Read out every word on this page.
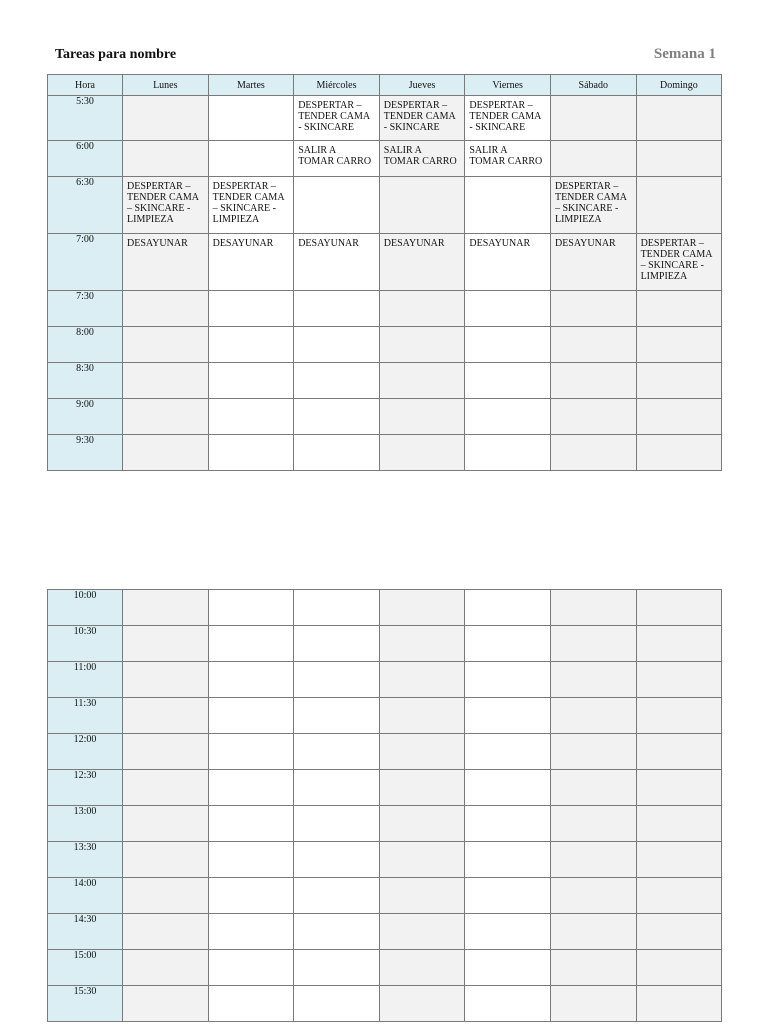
Tareas para nombre	Semana 1
Hora	Lunes	Martes	Miércoles	Jueves	Viernes	Sábado	Domingo
5:30			DESPERTAR –
TENDER CAMA
- SKINCARE	DESPERTAR –
TENDER CAMA
- SKINCARE	DESPERTAR –
TENDER CAMA
- SKINCARE		

6:00			SALIR A
TOMAR CARRO	SALIR A
TOMAR CARRO	SALIR A
TOMAR CARRO		

6:30	DESPERTAR –
TENDER CAMA
– SKINCARE -
LIMPIEZA	DESPERTAR –
TENDER CAMA
– SKINCARE -
LIMPIEZA				DESPERTAR –
TENDER CAMA
– SKINCARE -
LIMPIEZA	

7:00	DESAYUNAR	DESAYUNAR	DESAYUNAR	DESAYUNAR	DESAYUNAR	DESAYUNAR	DESPERTAR –
TENDER CAMA
– SKINCARE -
LIMPIEZA

7:30	

8:00	

8:30	

9:00	

9:30	

10:00							
10:30							
11:00							
11:30							
12:00							
12:30							
13:00							
13:30							
14:00							
14:30							
15:00							
15:30							
